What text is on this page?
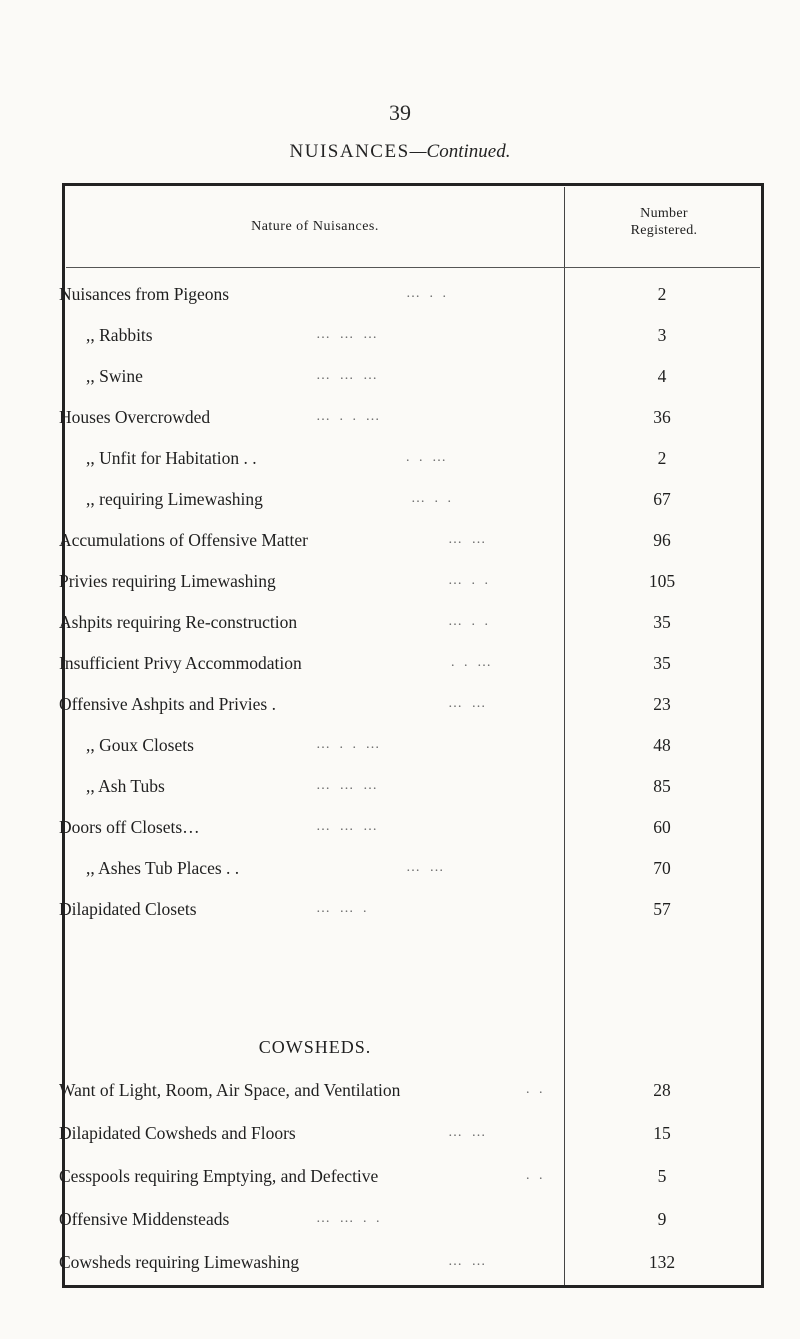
39
NUISANCES—Continued.
Nature of Nuisances.
Number
Registered.
Nuisances from Pigeons	… . .	2
,, Rabbits	… … …	3
,, Swine	… … …	4
Houses Overcrowded	… . . …	36
,, Unfit for Habitation . .	. . …	2
,, requiring Limewashing	… . .	67
Accumulations of Offensive Matter	… …	96
Privies requiring Limewashing	… . .	105
Ashpits requiring Re-construction	… . .	35
Insufficient Privy Accommodation	. . …	35
Offensive Ashpits and Privies .	… …	23
,, Goux Closets	… . . …	48
,, Ash Tubs	… … …	85
Doors off Closets…	… … …	60
,, Ashes Tub Places . .	… …	70
Dilapidated Closets	… … .	57
COWSHEDS.
Want of Light, Room, Air Space, and Ventilation	. .	28
Dilapidated Cowsheds and Floors	… …	15
Cesspools requiring Emptying, and Defective	. .	5
Offensive Middensteads	… … . .	9
Cowsheds requiring Limewashing	… …	132
